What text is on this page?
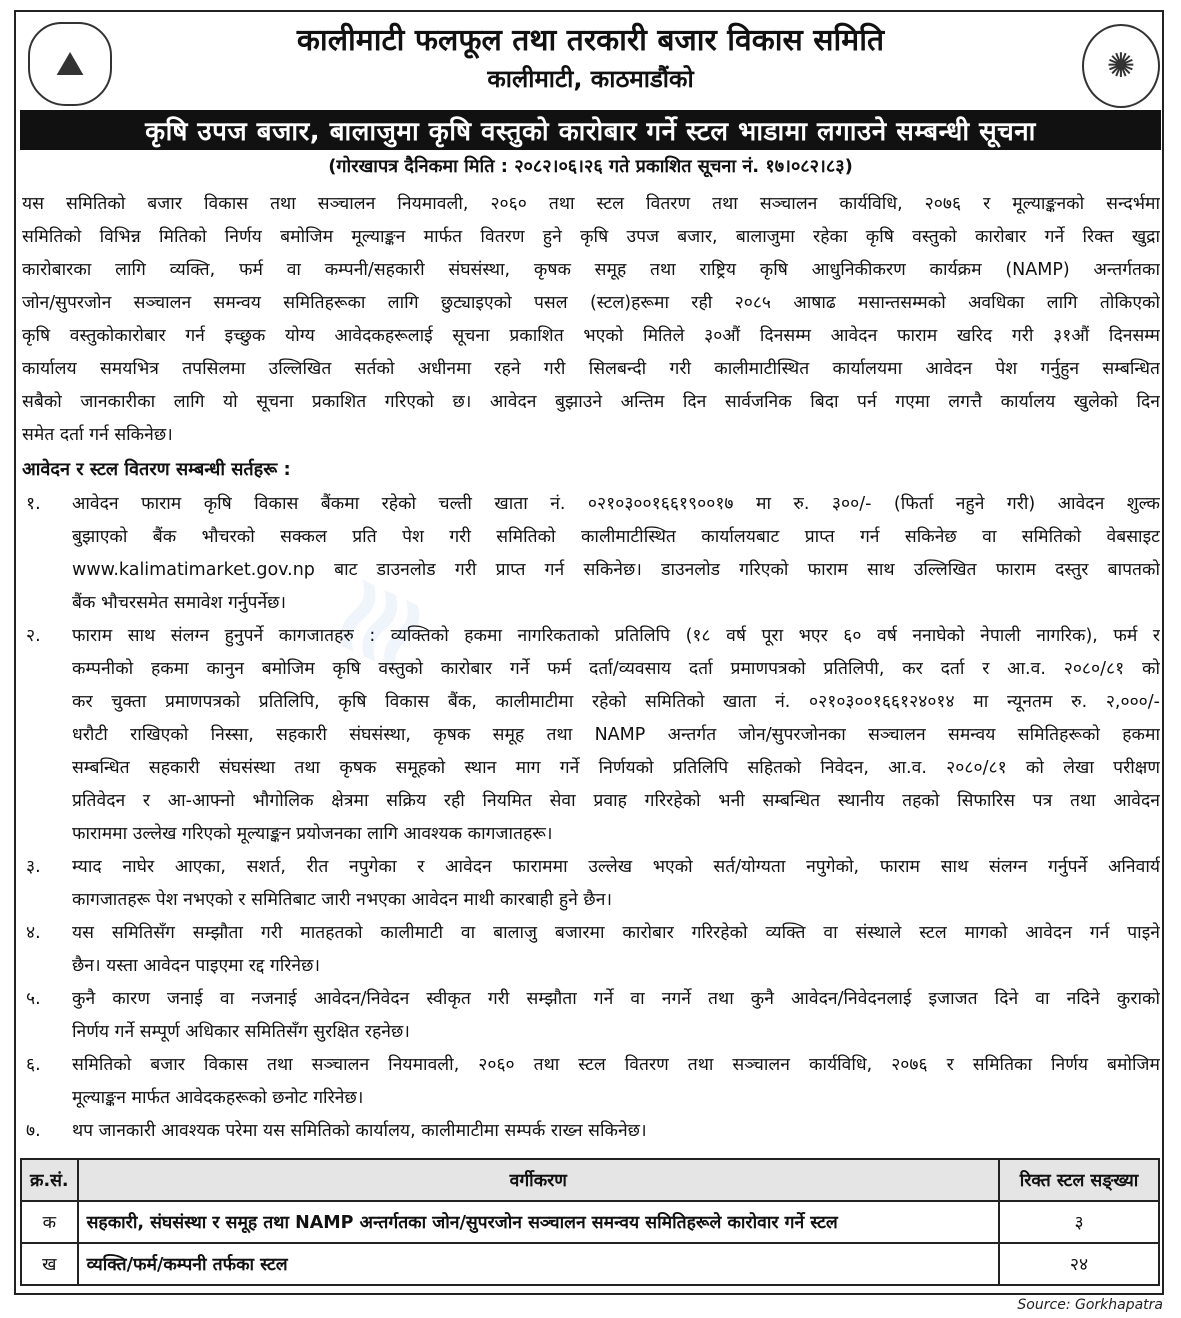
≋
⛰	✺
कालीमाटी फलफूल तथा तरकारी बजार विकास समिति
कालीमाटी, काठमाडौंको
कृषि उपज बजार, बालाजुमा कृषि वस्तुको कारोबार गर्ने स्टल भाडामा लगाउने सम्बन्धी सूचना
(गोरखापत्र दैनिकमा मिति : २०८२।०६।२६ गते प्रकाशित सूचना नं. १७।०८२।८३)
यस समितिको बजार विकास तथा सञ्चालन नियमावली, २०६० तथा स्टल वितरण तथा सञ्चालन कार्यविधि, २०७६ र मूल्याङ्कनको सन्दर्भमा
समितिको विभिन्न मितिको निर्णय बमोजिम मूल्याङ्कन मार्फत वितरण हुने कृषि उपज बजार, बालाजुमा रहेका कृषि वस्तुको कारोबार गर्ने रिक्त खुद्रा
कारोबारका लागि व्यक्ति, फर्म वा कम्पनी/सहकारी संघसंस्था, कृषक समूह तथा राष्ट्रिय कृषि आधुनिकीकरण कार्यक्रम (NAMP) अन्तर्गतका
जोन/सुपरजोन सञ्चालन समन्वय समितिहरूका लागि छुट्याइएको पसल (स्टल)हरूमा रही २०८५ आषाढ मसान्तसम्मको अवधिका लागि तोकिएको
कृषि वस्तुकोकारोबार गर्न इच्छुक योग्य आवेदकहरूलाई सूचना प्रकाशित भएको मितिले ३०औं दिनसम्म आवेदन फाराम खरिद गरी ३१औं दिनसम्म
कार्यालय समयभित्र तपसिलमा उल्लिखित सर्तको अधीनमा रहने गरी सिलबन्दी गरी कालीमाटीस्थित कार्यालयमा आवेदन पेश गर्नुहुन सम्बन्धित
सबैको जानकारीका लागि यो सूचना प्रकाशित गरिएको छ। आवेदन बुझाउने अन्तिम दिन सार्वजनिक बिदा पर्न गएमा लगत्तै कार्यालय खुलेको दिन
समेत दर्ता गर्न सकिनेछ।
आवेदन र स्टल वितरण सम्बन्धी सर्तहरू :
१.	आवेदन फाराम कृषि विकास बैंकमा रहेको चल्ती खाता नं. ०२१०३००१६६१९००१७ मा रु. ३००/- (फिर्ता नहुने गरी) आवेदन शुल्क
बुझाएको बैंक भौचरको सक्कल प्रति पेश गरी समितिको कालीमाटीस्थित कार्यालयबाट प्राप्त गर्न सकिनेछ वा समितिको वेबसाइट
www.kalimatimarket.gov.np बाट डाउनलोड गरी प्राप्त गर्न सकिनेछ। डाउनलोड गरिएको फाराम साथ उल्लिखित फाराम दस्तुर बापतको
बैंक भौचरसमेत समावेश गर्नुपर्नेछ।
२.	फाराम साथ संलग्न हुनुपर्ने कागजातहरु : व्यक्तिको हकमा नागरिकताको प्रतिलिपि (१८ वर्ष पूरा भएर ६० वर्ष ननाघेको नेपाली नागरिक), फर्म र
कम्पनीको हकमा कानुन बमोजिम कृषि वस्तुको कारोबार गर्ने फर्म दर्ता/व्यवसाय दर्ता प्रमाणपत्रको प्रतिलिपी, कर दर्ता र आ.व. २०८०/८१ को
कर चुक्ता प्रमाणपत्रको प्रतिलिपि, कृषि विकास बैंक, कालीमाटीमा रहेको समितिको खाता नं. ०२१०३००१६६१२४०१४ मा न्यूनतम रु. २,०००/-
धरौटी राखिएको निस्सा, सहकारी संघसंस्था, कृषक समूह तथा NAMP अन्तर्गत जोन/सुपरजोनका सञ्चालन समन्वय समितिहरूको हकमा
सम्बन्धित सहकारी संघसंस्था तथा कृषक समूहको स्थान माग गर्ने निर्णयको प्रतिलिपि सहितको निवेदन, आ.व. २०८०/८१ को लेखा परीक्षण
प्रतिवेदन र आ-आफ्नो भौगोलिक क्षेत्रमा सक्रिय रही नियमित सेवा प्रवाह गरिरहेको भनी सम्बन्धित स्थानीय तहको सिफारिस पत्र तथा आवेदन
फाराममा उल्लेख गरिएको मूल्याङ्कन प्रयोजनका लागि आवश्यक कागजातहरू।
३.	म्याद नाघेर आएका, सशर्त, रीत नपुगेका र आवेदन फाराममा उल्लेख भएको सर्त/योग्यता नपुगेको, फाराम साथ संलग्न गर्नुपर्ने अनिवार्य
कागजातहरू पेश नभएको र समितिबाट जारी नभएका आवेदन माथी कारबाही हुने छैन।
४.	यस समितिसँग सम्झौता गरी मातहतको कालीमाटी वा बालाजु बजारमा कारोबार गरिरहेको व्यक्ति वा संस्थाले स्टल मागको आवेदन गर्न पाइने
छैन। यस्ता आवेदन पाइएमा रद्द गरिनेछ।
५.	कुनै कारण जनाई वा नजनाई आवेदन/निवेदन स्वीकृत गरी सम्झौता गर्ने वा नगर्ने तथा कुनै आवेदन/निवेदनलाई इजाजत दिने वा नदिने कुराको
निर्णय गर्ने सम्पूर्ण अधिकार समितिसँग सुरक्षित रहनेछ।
६.	समितिको बजार विकास तथा सञ्चालन नियमावली, २०६० तथा स्टल वितरण तथा सञ्चालन कार्यविधि, २०७६ र समितिका निर्णय बमोजिम
मूल्याङ्कन मार्फत आवेदकहरूको छनोट गरिनेछ।
७.	थप जानकारी आवश्यक परेमा यस समितिको कार्यालय, कालीमाटीमा सम्पर्क राख्न सकिनेछ।
क्र.सं.	वर्गीकरण	रिक्त स्टल सङ्ख्या
क	सहकारी, संघसंस्था र समूह तथा NAMP अन्तर्गतका जोन/सुपरजोन सञ्चालन समन्वय समितिहरूले कारोवार गर्ने स्टल	३
ख	व्यक्ति/फर्म/कम्पनी तर्फका स्टल	२४
Source: Gorkhapatra
